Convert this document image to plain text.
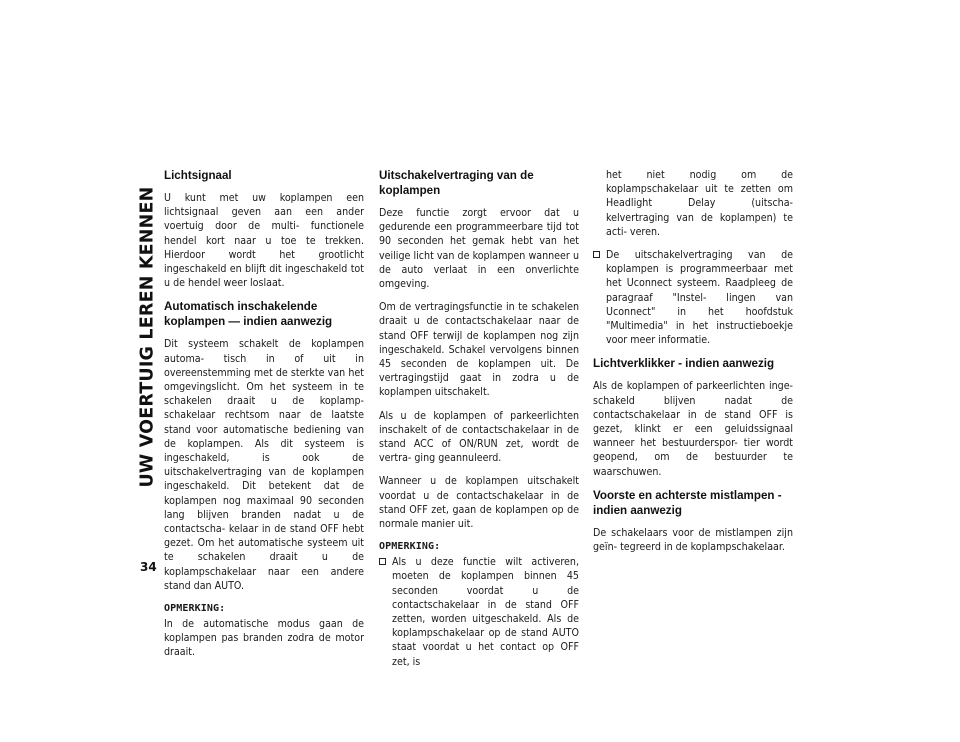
UW VOERTUIG LEREN KENNEN
34
Lichtsignaal

U kunt met uw koplampen een lichtsignaal geven aan een ander voertuig door de multi- functionele hendel kort naar u toe te trekken. Hierdoor wordt het grootlicht ingeschakeld en blijft dit ingeschakeld tot u de hendel weer loslaat.

Automatisch inschakelende koplampen — indien aanwezig

Dit systeem schakelt de koplampen automa- tisch in of uit in overeenstemming met de sterkte van het omgevingslicht. Om het systeem in te schakelen draait u de koplamp- schakelaar rechtsom naar de laatste stand voor automatische bediening van de koplampen. Als dit systeem is ingeschakeld, is ook de uitschakelvertraging van de koplampen ingeschakeld. Dit betekent dat de koplampen nog maximaal 90 seconden lang blijven branden nadat u de contactscha- kelaar in de stand OFF hebt gezet. Om het automatische systeem uit te schakelen draait u de koplampschakelaar naar een andere stand dan AUTO.

OPMERKING:
In de automatische modus gaan de koplampen pas branden zodra de motor draait.
Uitschakelvertraging van de koplampen

Deze functie zorgt ervoor dat u gedurende een programmeerbare tijd tot 90 seconden het gemak hebt van het veilige licht van de koplampen wanneer u de auto verlaat in een onverlichte omgeving.

Om de vertragingsfunctie in te schakelen draait u de contactschakelaar naar de stand OFF terwijl de koplampen nog zijn ingeschakeld. Schakel vervolgens binnen 45 seconden de koplampen uit. De vertragingstijd gaat in zodra u de koplampen uitschakelt.

Als u de koplampen of parkeerlichten inschakelt of de contactschakelaar in de stand ACC of ON/RUN zet, wordt de vertra- ging geannuleerd.

Wanneer u de koplampen uitschakelt voordat u de contactschakelaar in de stand OFF zet, gaan de koplampen op de normale manier uit.

OPMERKING:
Als u deze functie wilt activeren, moeten de koplampen binnen 45 seconden voordat u de contactschakelaar in de stand OFF zetten, worden uitgeschakeld. Als de koplampschakelaar op de stand AUTO staat voordat u het contact op OFF zet, is
het niet nodig om de koplampschakelaar uit te zetten om Headlight Delay (uitscha- kelvertraging van de koplampen) te acti- veren.
De uitschakelvertraging van de koplampen is programmeerbaar met het Uconnect systeem. Raadpleeg de paragraaf "Instel- lingen van Uconnect" in het hoofdstuk "Multimedia" in het instructieboekje voor meer informatie.
Lichtverklikker - indien aanwezig

Als de koplampen of parkeerlichten inge- schakeld blijven nadat de contactschakelaar in de stand OFF is gezet, klinkt er een geluidssignaal wanneer het bestuurderspor- tier wordt geopend, om de bestuurder te waarschuwen.

Voorste en achterste mistlampen - indien aanwezig

De schakelaars voor de mistlampen zijn geïn- tegreerd in de koplampschakelaar.
